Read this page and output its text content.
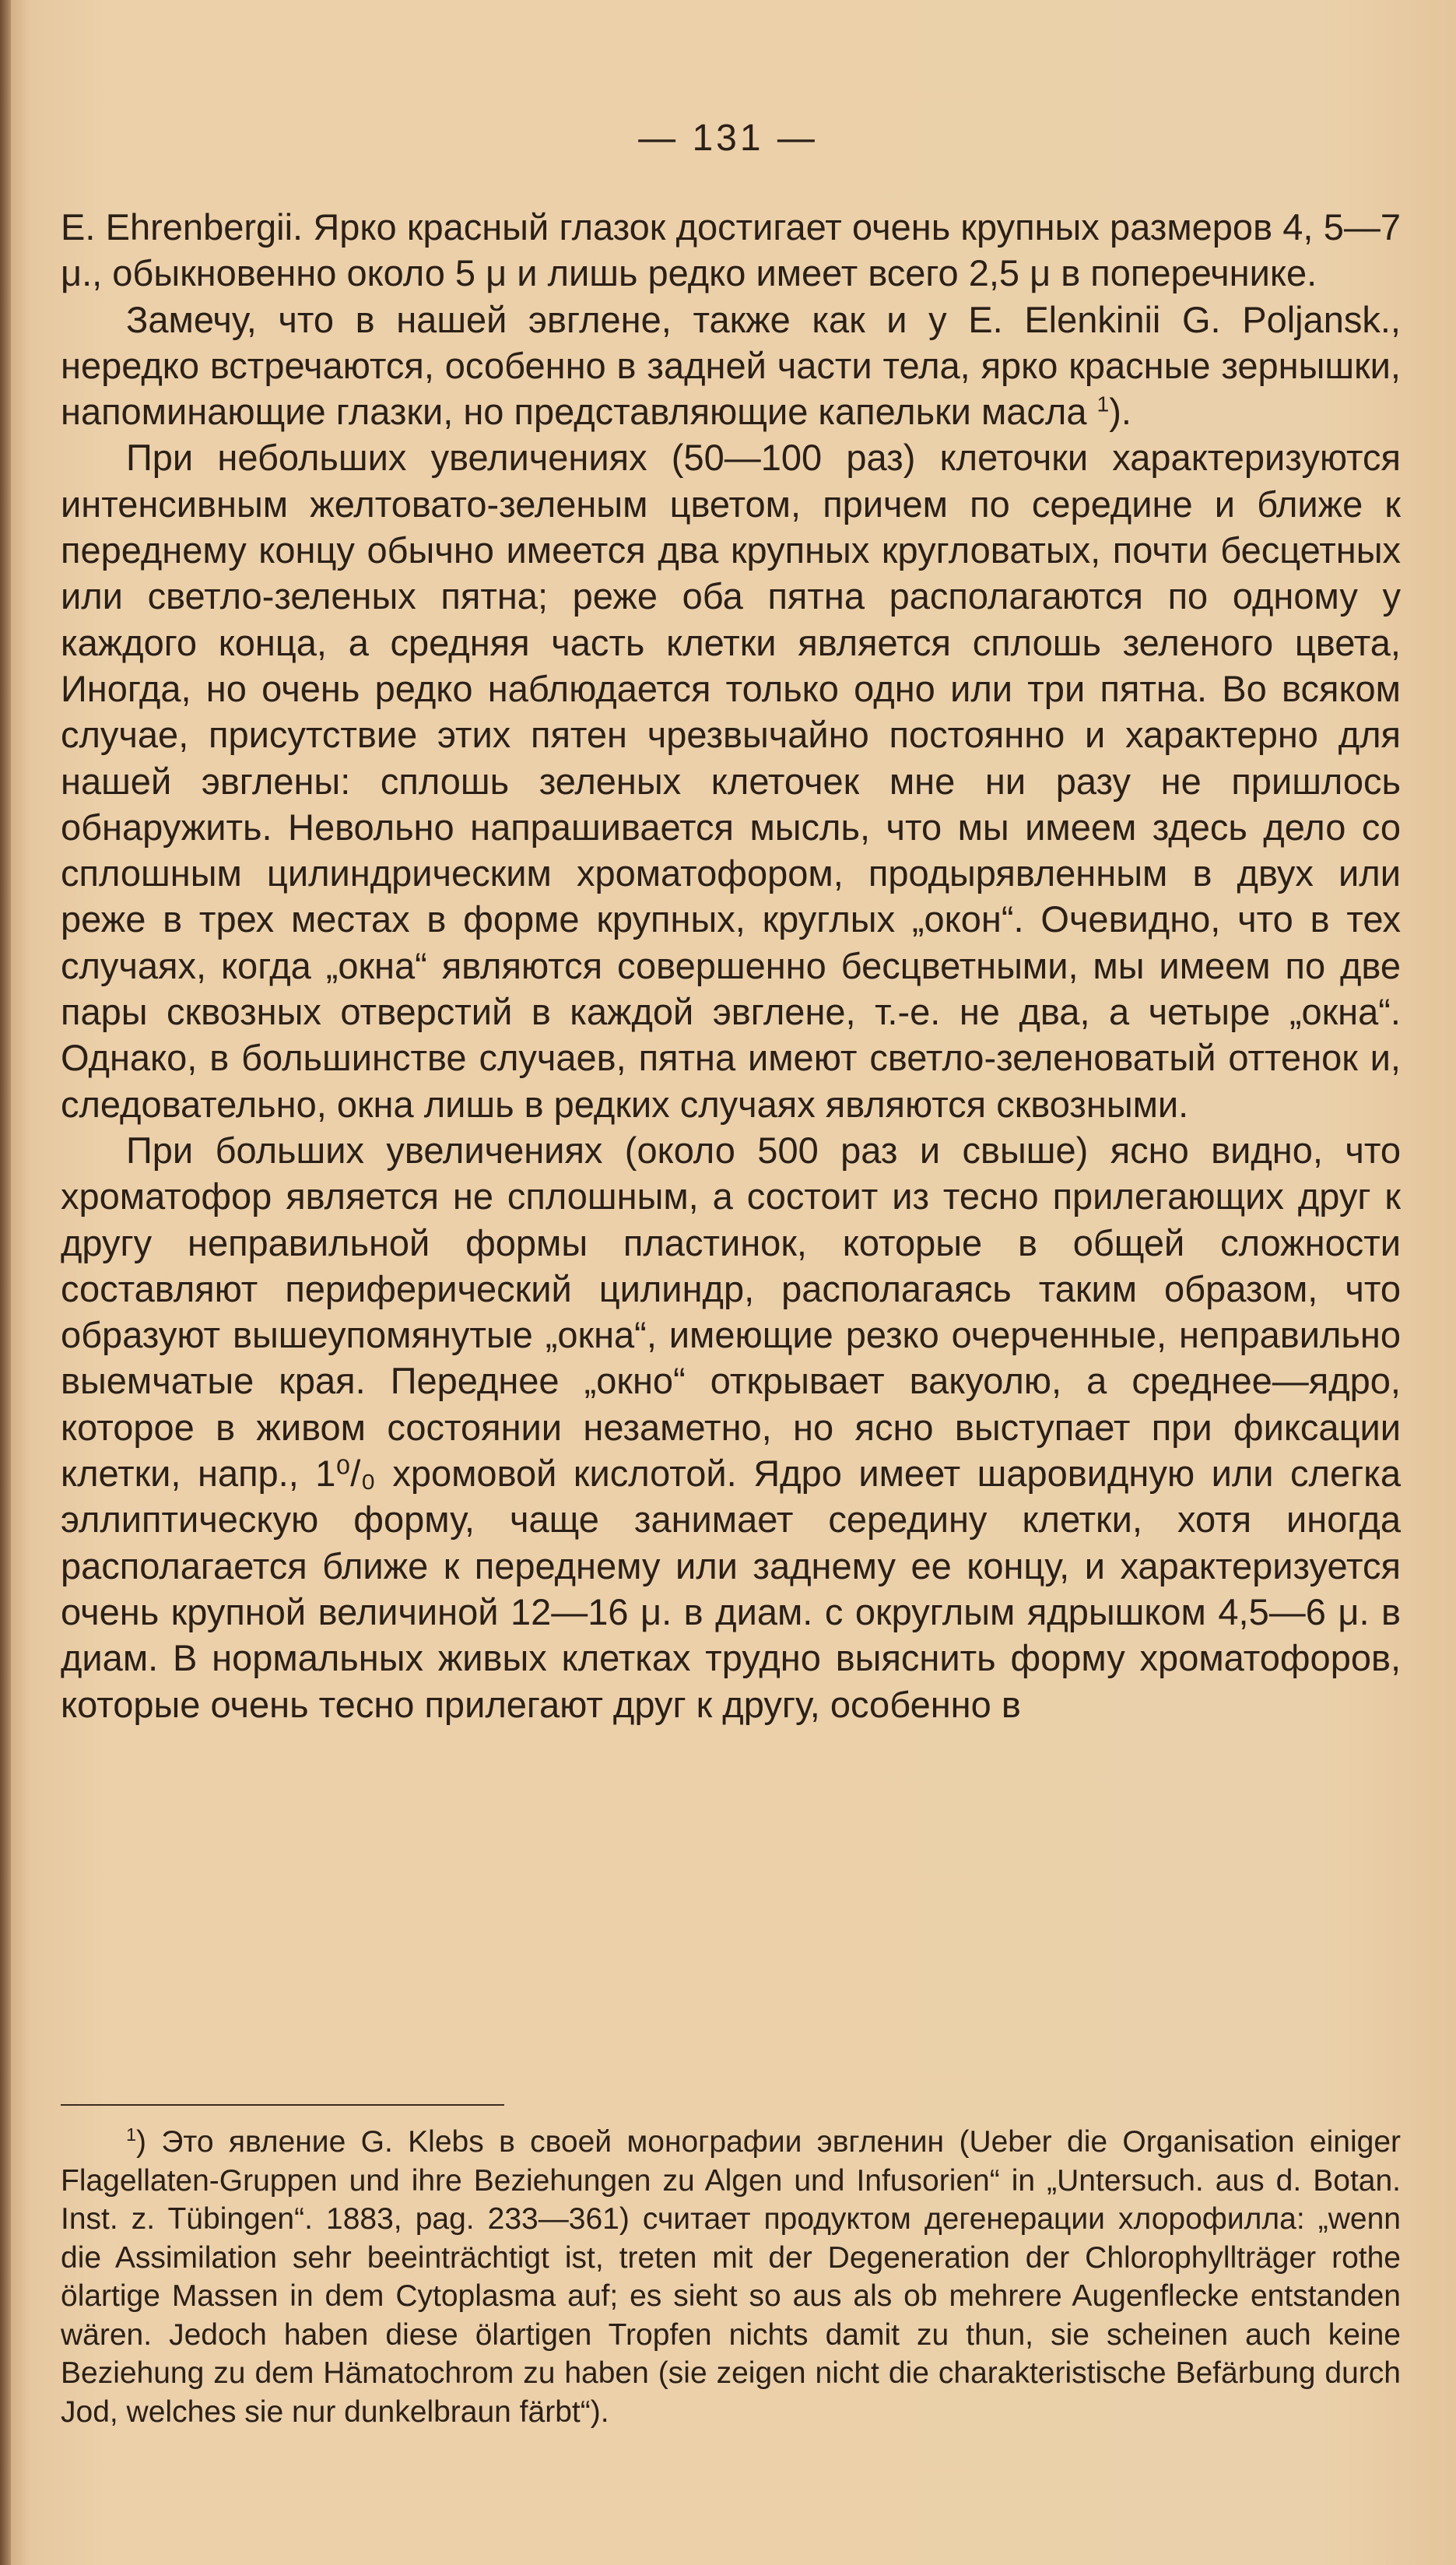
— 131 —

E. Ehrenbergii. Ярко красный глазок достигает очень крупных размеров 4, 5—7 μ., обыкновенно около 5 μ и лишь редко имеет всего 2,5 μ в поперечнике.

Замечу, что в нашей эвглене, также как и у E. Elenkinii G. Poljansk., нередко встречаются, особенно в задней части тела, ярко красные зернышки, напоминающие глазки, но представляющие капельки масла $^1$).

При небольших увеличениях (50—100 раз) клеточки характеризуются интенсивным желтовато-зеленым цветом, причем по середине и ближе к переднему концу обычно имеется два крупных кругловатых, почти бесцетных или светло-зеленых пятна; реже оба пятна располагаются по одному у каждого конца, а средняя часть клетки является сплошь зеленого цвета, Иногда, но очень редко наблюдается только одно или три пятна. Во всяком случае, присутствие этих пятен чрезвычайно постоянно и характерно для нашей эвглены: сплошь зеленых клеточек мне ни разу не пришлось обнаружить. Невольно напрашивается мысль, что мы имеем здесь дело со сплошным цилиндрическим хроматофором, продырявленным в двух или реже в трех местах в форме крупных, круглых „окон“. Очевидно, что в тех случаях, когда „окна“ являются совершенно бесцветными, мы имеем по две пары сквозных отверстий в каждой эвглене, т.-е. не два, а четыре „окна“. Однако, в большинстве случаев, пятна имеют светло-зеленоватый оттенок и, следовательно, окна лишь в редких случаях являются сквозными.

При больших увеличениях (около 500 раз и свыше) ясно видно, что хроматофор является не сплошным, а состоит из тесно прилегающих друг к другу неправильной формы пластинок, которые в общей сложности составляют периферический цилиндр, располагаясь таким образом, что образуют вышеупомянутые „окна“, имеющие резко очерченные, неправильно выемчатые края. Переднее „окно“ открывает вакуолю, а среднее—ядро, которое в живом состоянии незаметно, но ясно выступает при фиксации клетки, напр., 1⁰/₀ хромовой кислотой. Ядро имеет шаровидную или слегка эллиптическую форму, чаще занимает середину клетки, хотя иногда располагается ближе к переднему или заднему ее концу, и характеризуется очень крупной величиной 12—16 μ. в диам. с округлым ядрышком 4,5—6 μ. в диам. В нормальных живых клетках трудно выяснить форму хроматофоров, которые очень тесно прилегают друг к другу, особенно в

$^1$) Это явление G. Klebs в своей монографии эвгленин (Ueber die Organisation einiger Flagellaten-Gruppen und ihre Beziehungen zu Algen und Infusorien“ in „Untersuch. aus d. Botan. Inst. z. Tübingen“. 1883, pag. 233—361) считает продуктом дегенерации хлорофилла: „wenn die Assimilation sehr beeinträchtigt ist, treten mit der Degeneration der Chlorophyllträger rothe ölartige Massen in dem Cytoplasma auf; es sieht so aus als ob mehrere Augenflecke entstanden wären. Jedoch haben diese ölartigen Tropfen nichts damit zu thun, sie scheinen auch keine Beziehung zu dem Hämatochrom zu haben (sie zeigen nicht die charakteristische Befärbung durch Jod, welches sie nur dunkelbraun färbt“).
